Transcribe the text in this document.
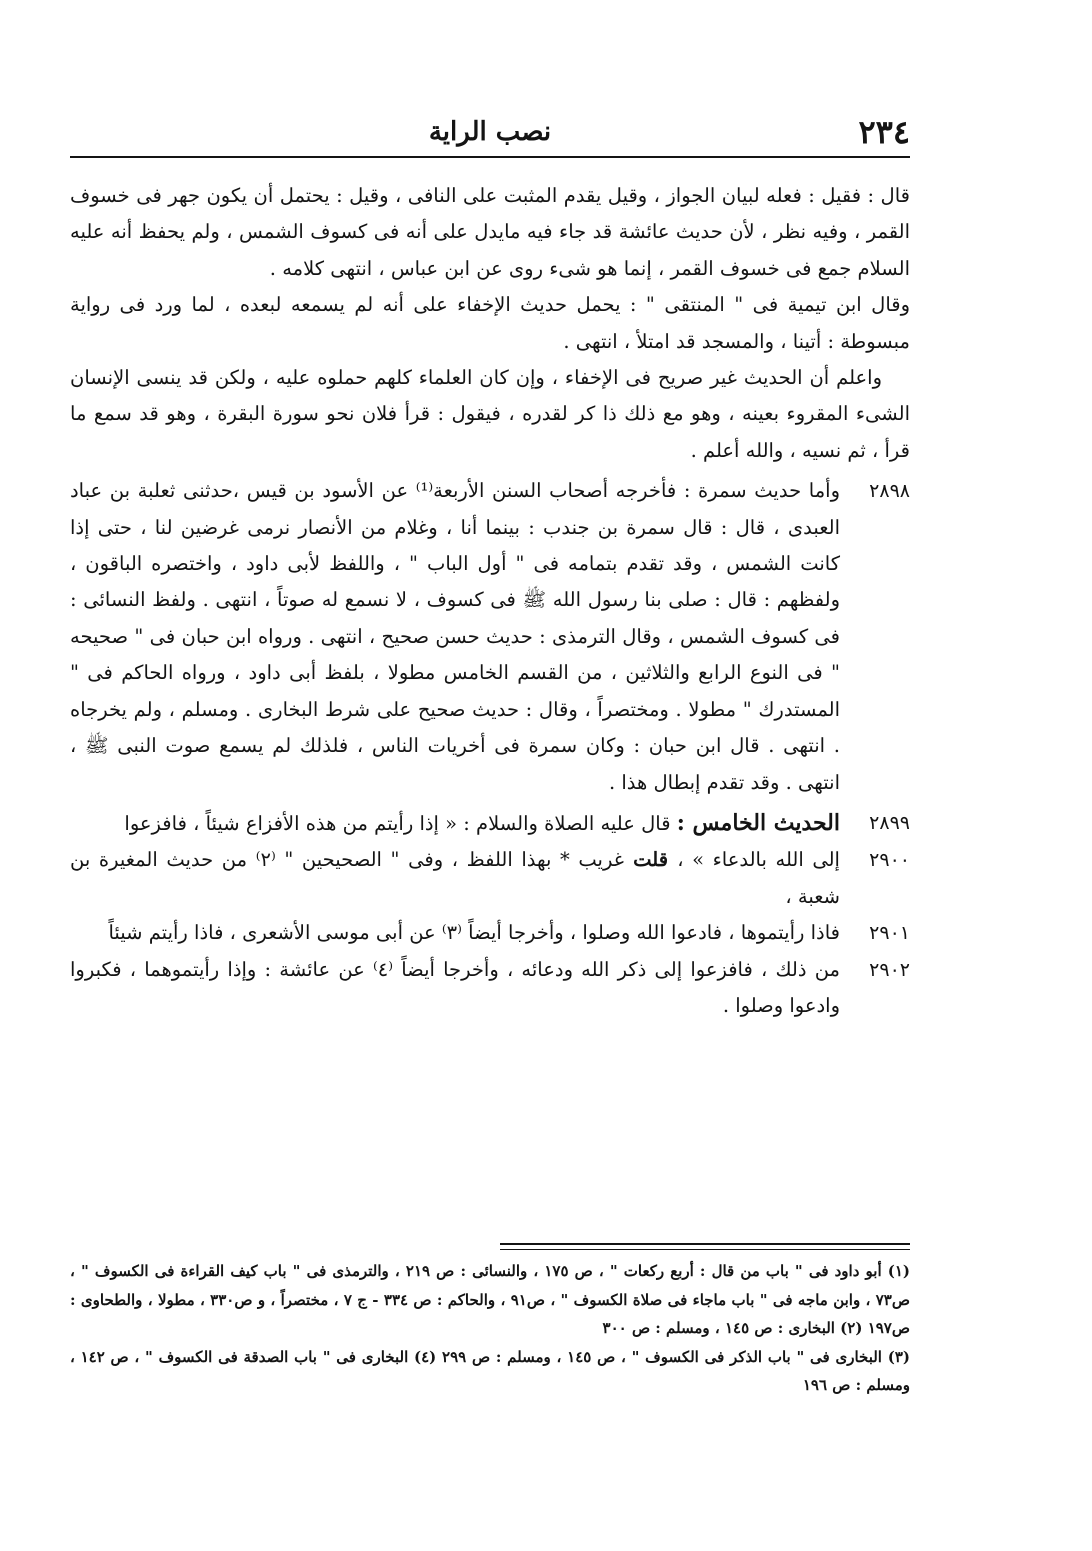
٢٣٤
نصب الراية

قال : فقيل : فعله لبيان الجواز ، وقيل يقدم المثبت على النافى ، وقيل : يحتمل أن يكون جهر فى خسوف القمر ، وفيه نظر ، لأن حديث عائشة قد جاء فيه مايدل على أنه فى كسوف الشمس ، ولم يحفظ أنه عليه السلام جمع فى خسوف القمر ، إنما هو شىء روى عن ابن عباس ، انتهى كلامه .

وقال ابن تيمية فى " المنتقى " : يحمل حديث الإخفاء على أنه لم يسمعه لبعده ، لما ورد فى رواية مبسوطة : أتينا ، والمسجد قد امتلأ ، انتهى .

واعلم أن الحديث غير صريح فى الإخفاء ، وإن كان العلماء كلهم حملوه عليه ، ولكن قد ينسى الإنسان الشىء المقروء بعينه ، وهو مع ذلك ذا كر لقدره ، فيقول : قرأ فلان نحو سورة البقرة ، وهو قد سمع ما قرأ ، ثم نسيه ، والله أعلم .

٢٨٩٨
وأما حديث سمرة : فأخرجه أصحاب السنن الأربعة⁽¹⁾ عن الأسود بن قيس ،حدثنى ثعلبة بن عباد العبدى ، قال : قال سمرة بن جندب : بينما أنا ، وغلام من الأنصار نرمى غرضين لنا ، حتى إذا كانت الشمس ، وقد تقدم بتمامه فى " أول الباب " ، واللفظ لأبى داود ، واختصره الباقون ، ولفظهم : قال : صلى بنا رسول الله ﷺ فى كسوف ، لا نسمع له صوتاً ، انتهى . ولفظ النسائى : فى كسوف الشمس ، وقال الترمذى : حديث حسن صحيح ، انتهى . ورواه ابن حبان فى " صحيحه " فى النوع الرابع والثلاثين ، من القسم الخامس مطولا ، بلفظ أبى داود ، ورواه الحاكم فى " المستدرك " مطولا . ومختصراً ، وقال : حديث صحيح على شرط البخارى . ومسلم ، ولم يخرجاه . انتهى . قال ابن حبان : وكان سمرة فى أخريات الناس ، فلذلك لم يسمع صوت النبى ﷺ ، انتهى . وقد تقدم إبطال هذا .
٢٨٩٩
الحديث الخامس : قال عليه الصلاة والسلام : « إذا رأيتم من هذه الأفزاع شيئاً ، فافزعوا
٢٩٠٠
إلى الله بالدعاء » ، قلت غريب * بهذا اللفظ ، وفى " الصحيحين " ⁽٢⁾ من حديث المغيرة بن شعبة ،
٢٩٠١
فاذا رأيتموها ، فادعوا الله وصلوا ، وأخرجا أيضاً ⁽٣⁾ عن أبى موسى الأشعرى ، فاذا رأيتم شيئاً
٢٩٠٢
من ذلك ، فافزعوا إلى ذكر الله ودعائه ، وأخرجا أيضاً ⁽٤⁾ عن عائشة : وإذا رأيتموهما ، فكبروا وادعوا وصلوا .

(١) أبو داود فى " باب من قال : أربع ركعات " ، ص ١٧٥ ، والنسائى : ص ٢١٩ ، والترمذى فى " باب كيف القراءة فى الكسوف " ، ص٧٣ ، وابن ماجه فى " باب ماجاء فى صلاة الكسوف " ، ص٩١ ، والحاكم : ص ٣٣٤ - ج ٧ ، مختصراً ، و ص٣٣٠ ، مطولا ، والطحاوى : ص١٩٧ (٢) البخارى : ص ١٤٥ ، ومسلم : ص ٣٠٠

(٣) البخارى فى " باب الذكر فى الكسوف " ، ص ١٤٥ ، ومسلم : ص ٢٩٩ (٤) البخارى فى " باب الصدقة فى الكسوف " ، ص ١٤٢ ، ومسلم : ص ١٩٦
